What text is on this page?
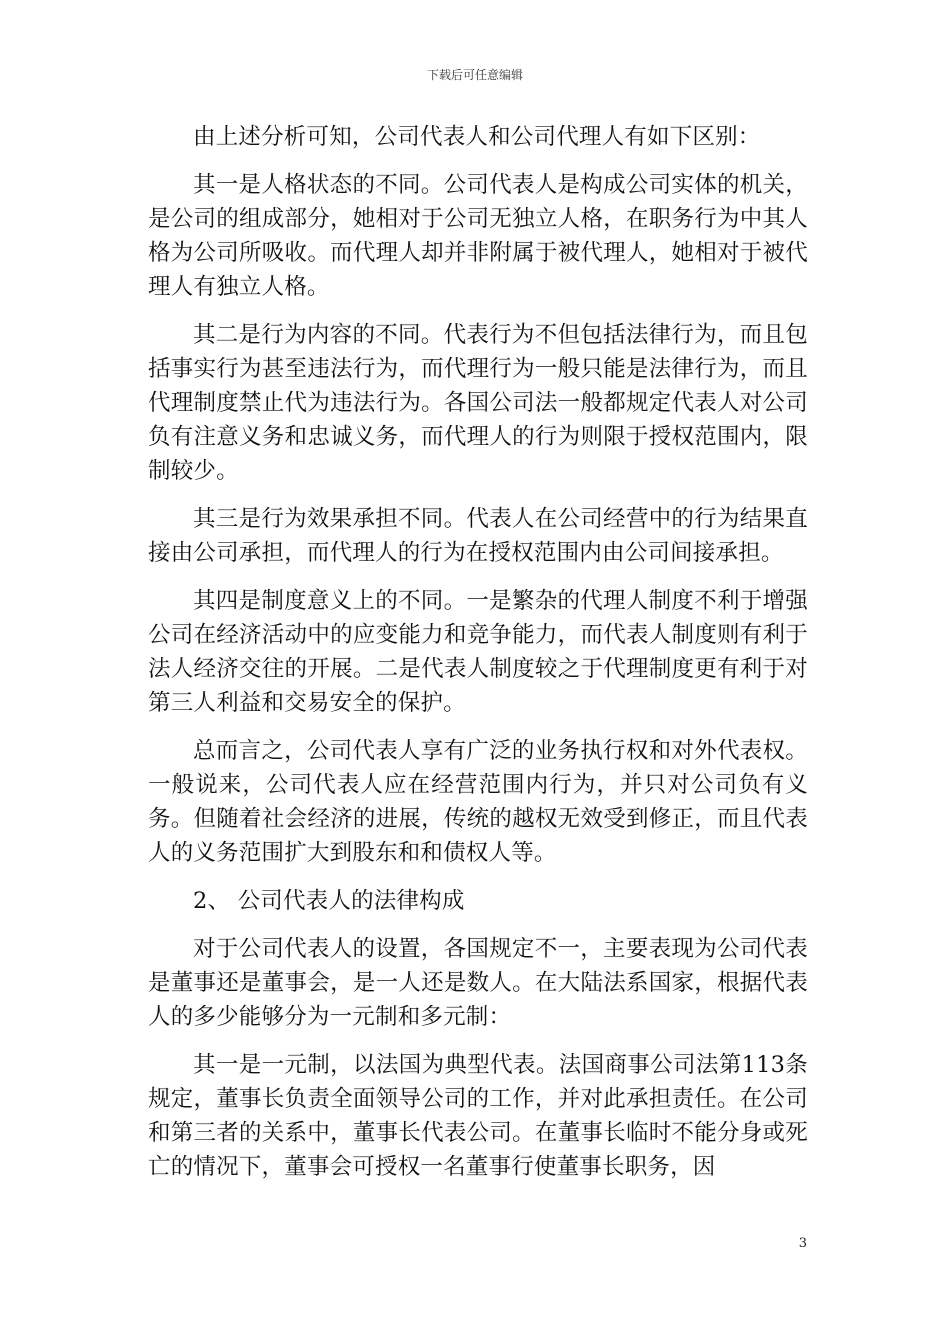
下载后可任意编辑

由上述分析可知，公司代表人和公司代理人有如下区别：

其一是人格状态的不同。公司代表人是构成公司实体的机关，是公司的组成部分，她相对于公司无独立人格，在职务行为中其人格为公司所吸收。而代理人却并非附属于被代理人，她相对于被代理人有独立人格。

其二是行为内容的不同。代表行为不但包括法律行为，而且包括事实行为甚至违法行为，而代理行为一般只能是法律行为，而且代理制度禁止代为违法行为。各国公司法一般都规定代表人对公司负有注意义务和忠诚义务，而代理人的行为则限于授权范围内，限制较少。

其三是行为效果承担不同。代表人在公司经营中的行为结果直接由公司承担，而代理人的行为在授权范围内由公司间接承担。

其四是制度意义上的不同。一是繁杂的代理人制度不利于增强公司在经济活动中的应变能力和竞争能力，而代表人制度则有利于法人经济交往的开展。二是代表人制度较之于代理制度更有利于对第三人利益和交易安全的保护。

总而言之，公司代表人享有广泛的业务执行权和对外代表权。一般说来，公司代表人应在经营范围内行为，并只对公司负有义务。但随着社会经济的进展，传统的越权无效受到修正，而且代表人的义务范围扩大到股东和和债权人等。

2、 公司代表人的法律构成

对于公司代表人的设置，各国规定不一，主要表现为公司代表是董事还是董事会，是一人还是数人。在大陆法系国家，根据代表人的多少能够分为一元制和多元制：

其一是一元制，以法国为典型代表。法国商事公司法第113条规定，董事长负责全面领导公司的工作，并对此承担责任。在公司和第三者的关系中，董事长代表公司。在董事长临时不能分身或死亡的情况下，董事会可授权一名董事行使董事长职务，因

3
